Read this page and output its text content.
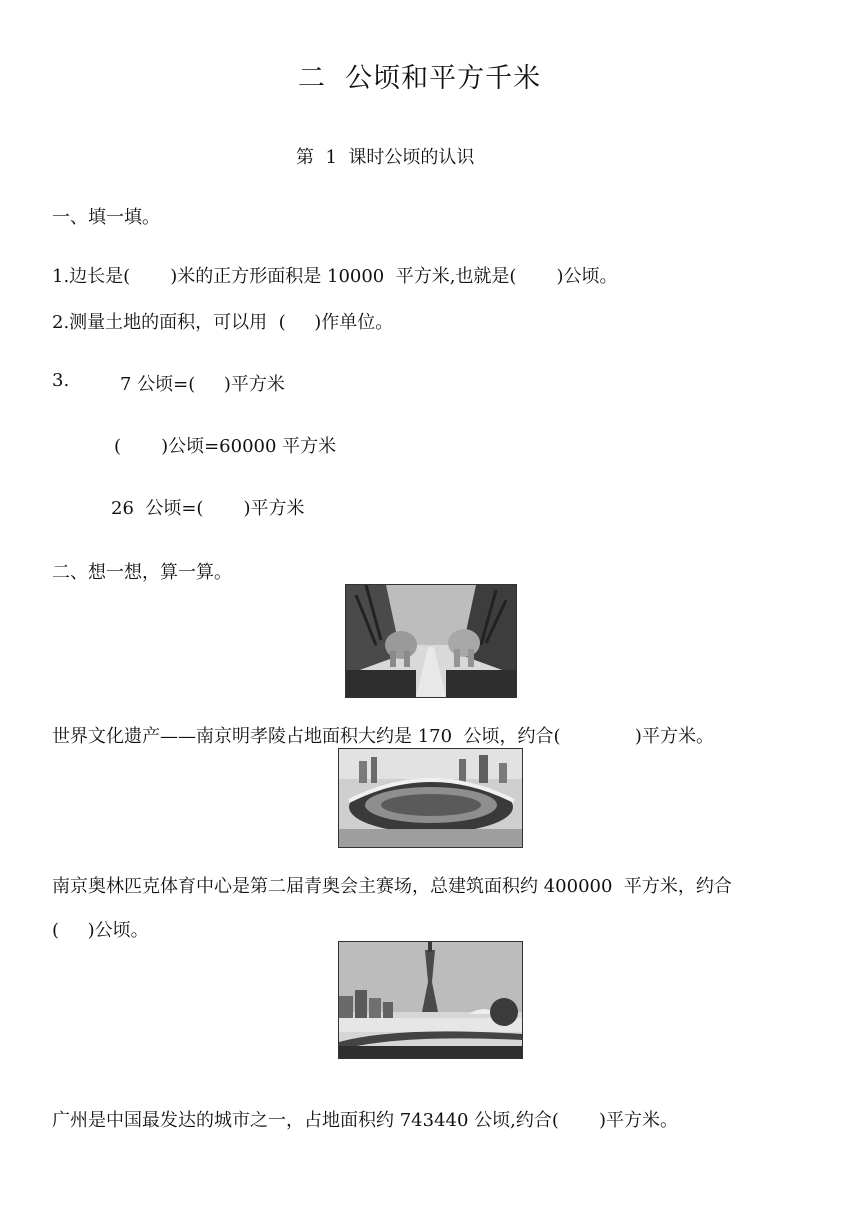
二  公顷和平方千米
第  1  课时公顷的认识
一、填一填。
1.边长是(       )米的正方形面积是 10000  平方米,也就是(       )公顷。
2.测量土地的面积，可以用  (     )作单位。
3.	7 公顷=(     )平方米
(       )公顷=60000 平方米
26  公顷=(       )平方米
二、想一想，算一算。
世界文化遗产——南京明孝陵占地面积大约是 170  公顷，约合(             )平方米。
南京奥林匹克体育中心是第二届青奥会主赛场，总建筑面积约 400000  平方米，约合
(     )公顷。
广州是中国最发达的城市之一，占地面积约 743440 公顷,约合(       )平方米。
